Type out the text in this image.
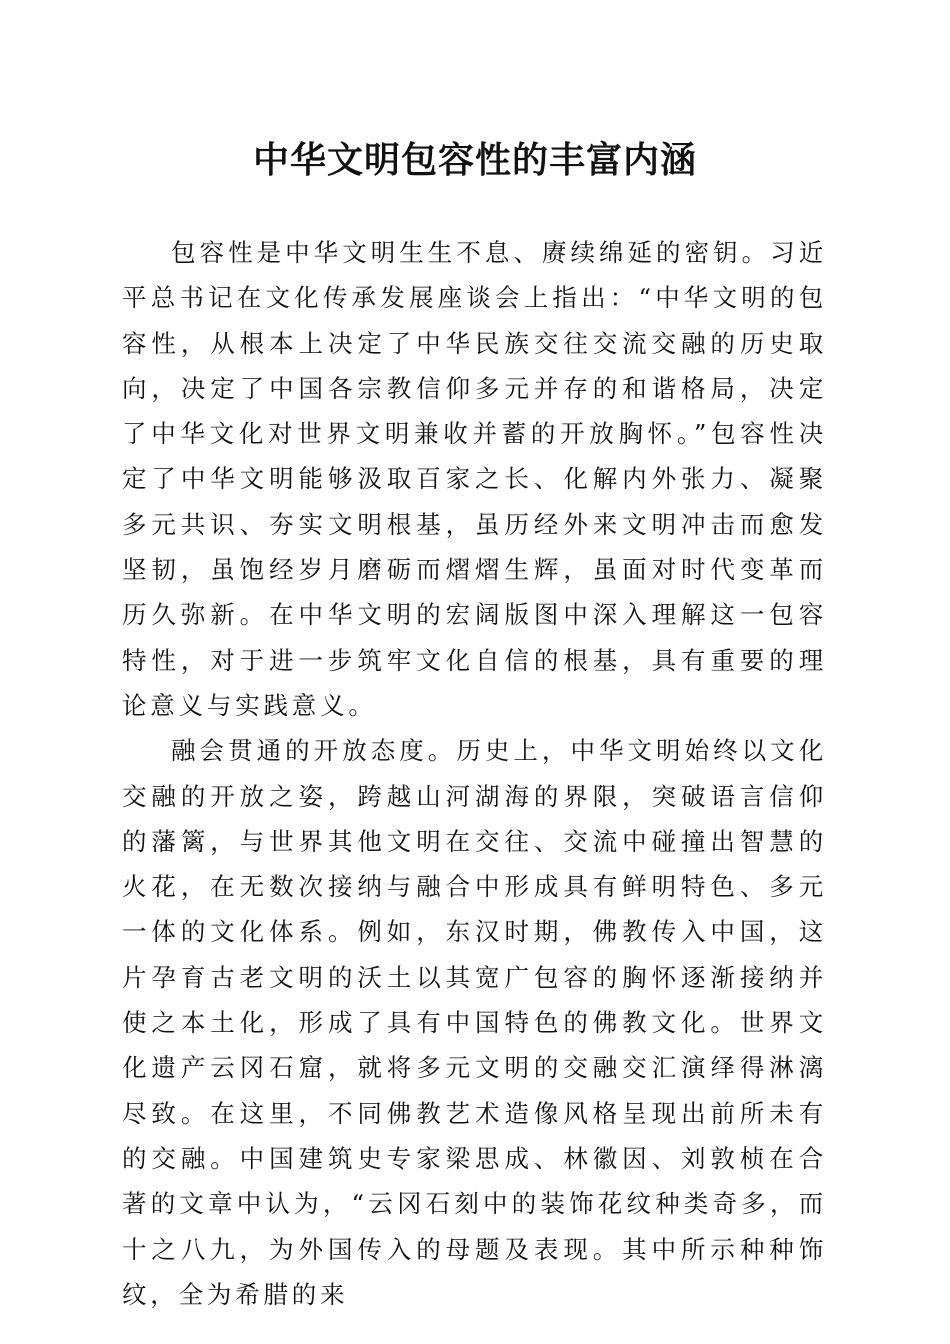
中华文明包容性的丰富内涵

包容性是中华文明生生不息、赓续绵延的密钥。习近平总书记在文化传承发展座谈会上指出：“中华文明的包容性，从根本上决定了中华民族交往交流交融的历史取向，决定了中国各宗教信仰多元并存的和谐格局，决定了中华文化对世界文明兼收并蓄的开放胸怀。”包容性决定了中华文明能够汲取百家之长、化解内外张力、凝聚多元共识、夯实文明根基，虽历经外来文明冲击而愈发坚韧，虽饱经岁月磨砺而熠熠生辉，虽面对时代变革而历久弥新。在中华文明的宏阔版图中深入理解这一包容特性，对于进一步筑牢文化自信的根基，具有重要的理论意义与实践意义。

融会贯通的开放态度。历史上，中华文明始终以文化交融的开放之姿，跨越山河湖海的界限，突破语言信仰的藩篱，与世界其他文明在交往、交流中碰撞出智慧的火花，在无数次接纳与融合中形成具有鲜明特色、多元一体的文化体系。例如，东汉时期，佛教传入中国，这片孕育古老文明的沃土以其宽广包容的胸怀逐渐接纳并使之本土化，形成了具有中国特色的佛教文化。世界文化遗产云冈石窟，就将多元文明的交融交汇演绎得淋漓尽致。在这里，不同佛教艺术造像风格呈现出前所未有的交融。中国建筑史专家梁思成、林徽因、刘敦桢在合著的文章中认为，“云冈石刻中的装饰花纹种类奇多，而十之八九，为外国传入的母题及表现。其中所示种种饰纹，全为希腊的来
